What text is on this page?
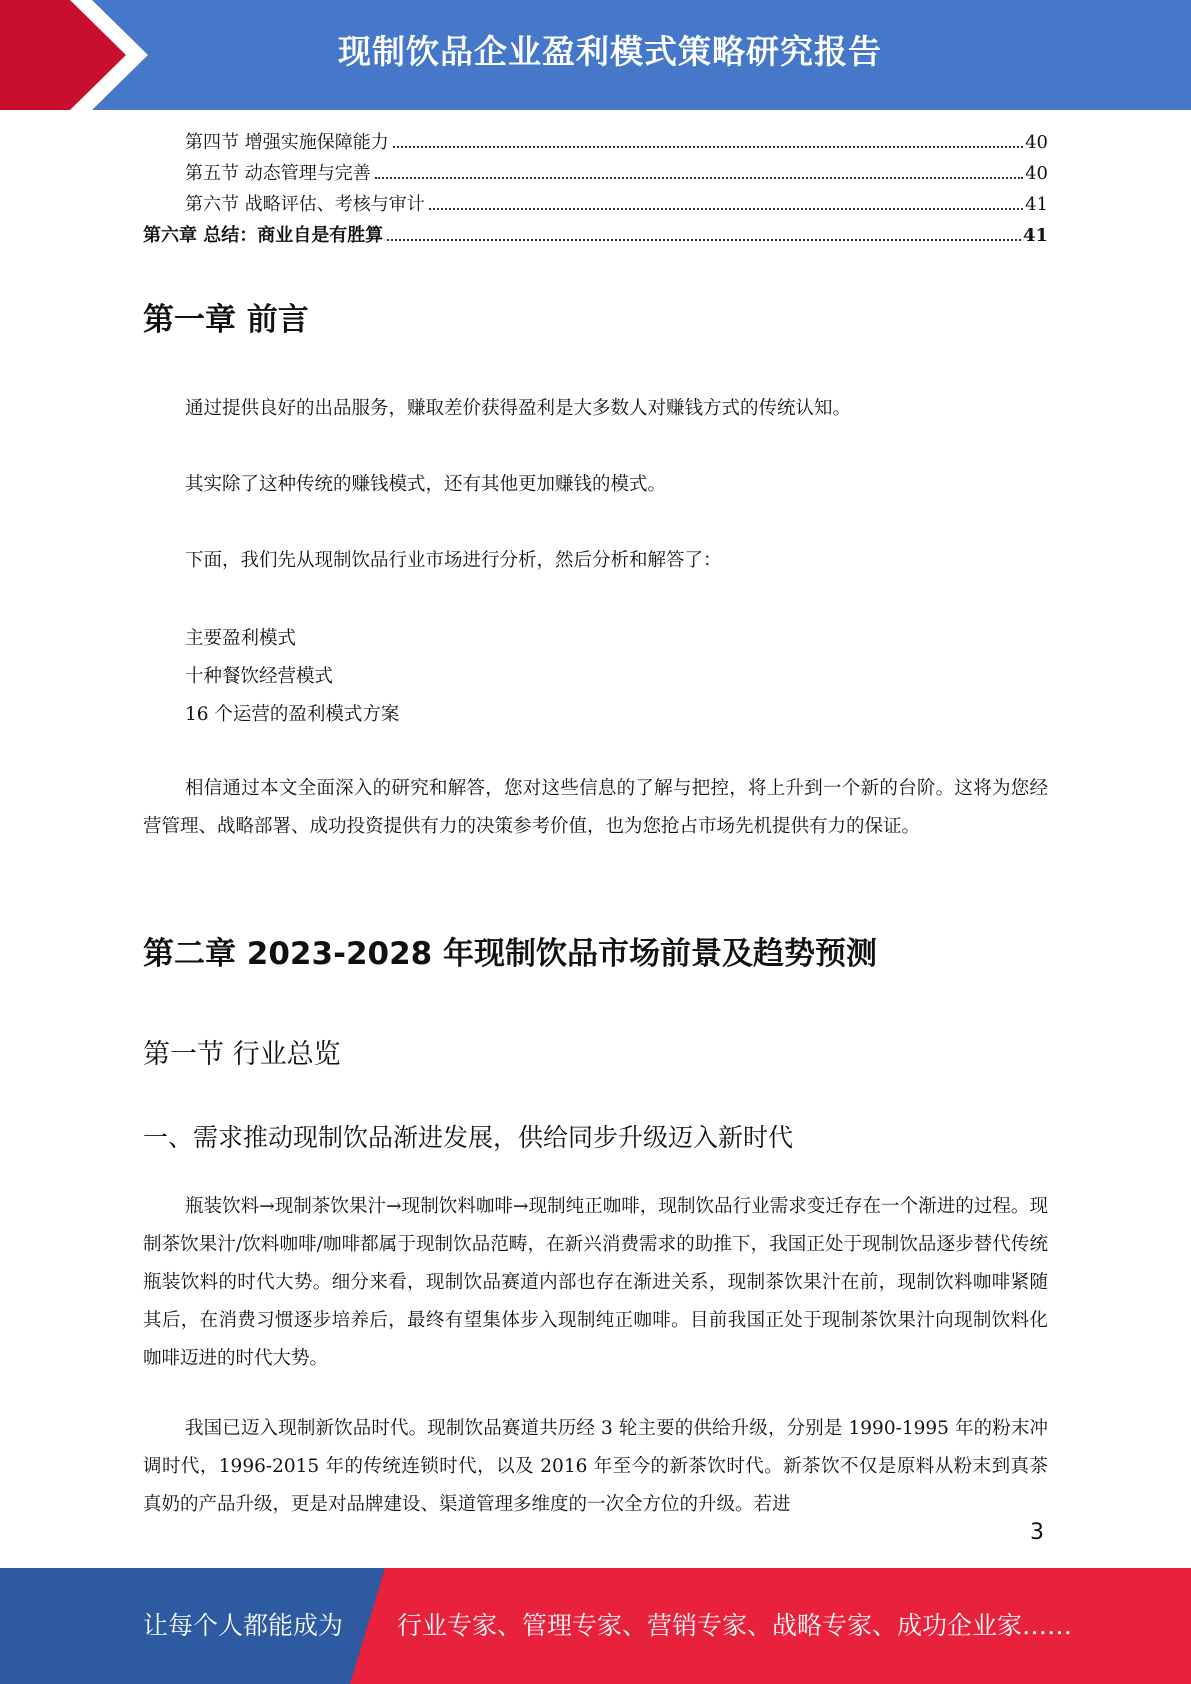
现制饮品企业盈利模式策略研究报告
第四节 增强实施保障能力	40
第五节 动态管理与完善	40
第六节 战略评估、考核与审计	41
第六章 总结：商业自是有胜算	41
第一章 前言

通过提供良好的出品服务，赚取差价获得盈利是大多数人对赚钱方式的传统认知。

其实除了这种传统的赚钱模式，还有其他更加赚钱的模式。

下面，我们先从现制饮品行业市场进行分析，然后分析和解答了：

主要盈利模式
十种餐饮经营模式
16 个运营的盈利模式方案

相信通过本文全面深入的研究和解答，您对这些信息的了解与把控，将上升到一个新的台阶。这将为您经营管理、战略部署、成功投资提供有力的决策参考价值，也为您抢占市场先机提供有力的保证。

第二章 2023-2028 年现制饮品市场前景及趋势预测
第一节 行业总览
一、需求推动现制饮品渐进发展，供给同步升级迈入新时代

瓶装饮料→现制茶饮果汁→现制饮料咖啡→现制纯正咖啡，现制饮品行业需求变迁存在一个渐进的过程。现制茶饮果汁/饮料咖啡/咖啡都属于现制饮品范畴，在新兴消费需求的助推下，我国正处于现制饮品逐步替代传统瓶装饮料的时代大势。细分来看，现制饮品赛道内部也存在渐进关系，现制茶饮果汁在前，现制饮料咖啡紧随其后，在消费习惯逐步培养后，最终有望集体步入现制纯正咖啡。目前我国正处于现制茶饮果汁向现制饮料化咖啡迈进的时代大势。

我国已迈入现制新饮品时代。现制饮品赛道共历经 3 轮主要的供给升级，分别是 1990-1995 年的粉末冲调时代，1996-2015 年的传统连锁时代，以及 2016 年至今的新茶饮时代。新茶饮不仅是原料从粉末到真茶真奶的产品升级，更是对品牌建设、渠道管理多维度的一次全方位的升级。若进

3
让每个人都能成为 行业专家、管理专家、营销专家、战略专家、成功企业家……
